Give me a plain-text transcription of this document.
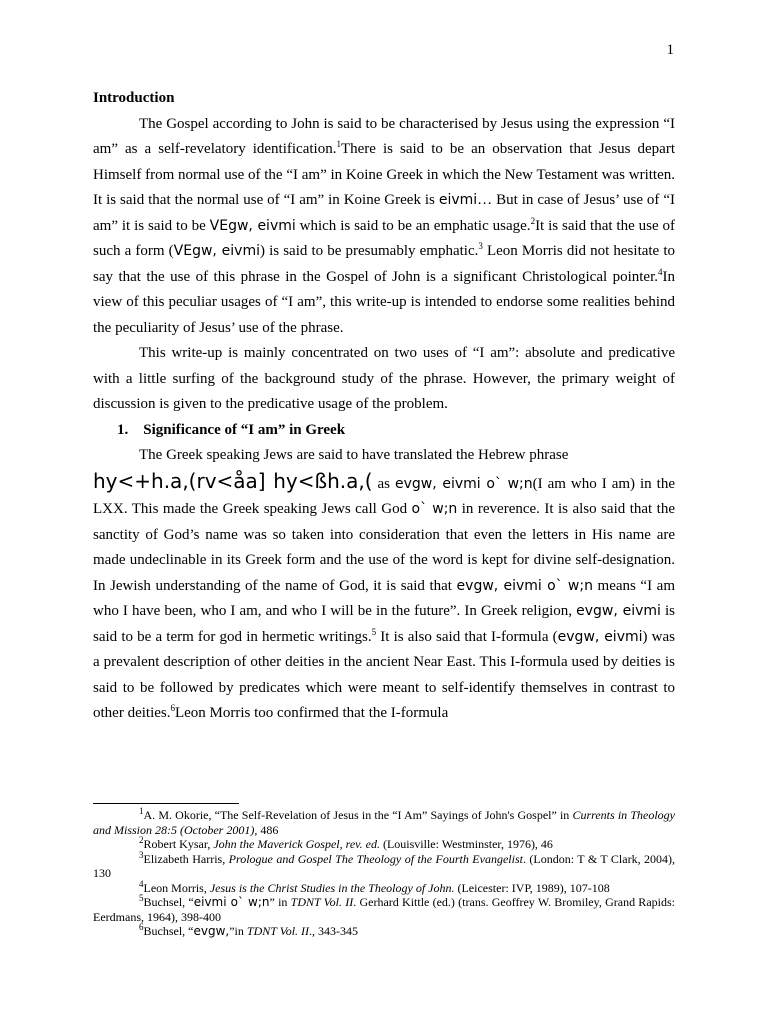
1
Introduction

The Gospel according to John is said to be characterised by Jesus using the expression “I am” as a self-revelatory identification.$^1$There is said to be an observation that Jesus depart Himself from normal use of the “I am” in Koine Greek in which the New Testament was written. It is said that the normal use of “I am” in Koine Greek is eivmi… But in case of Jesus’ use of “I am” it is said to be VEgw, eivmi which is said to be an emphatic usage.$^2$It is said that the use of such a form (VEgw, eivmi) is said to be presumably emphatic.$^3$ Leon Morris did not hesitate to say that the use of this phrase in the Gospel of John is a significant Christological pointer.$^4$In view of this peculiar usages of “I am”, this write-up is intended to endorse some realities behind the peculiarity of Jesus’ use of the phrase.

This write-up is mainly concentrated on two uses of “I am”: absolute and predicative with a little surfing of the background study of the phrase. However, the primary weight of discussion is given to the predicative usage of the problem.

1. Significance of “I am” in Greek

The Greek speaking Jews are said to have translated the Hebrew phrase

hy<+h.a,(rv<åa] hy<ßh.a,( as evgw, eivmi o` w;n(I am who I am) in the LXX. This made the Greek speaking Jews call God o` w;n in reverence. It is also said that the sanctity of God’s name was so taken into consideration that even the letters in His name are made undeclinable in its Greek form and the use of the word is kept for divine self-designation. In Jewish understanding of the name of God, it is said that evgw, eivmi o` w;n means “I am who I have been, who I am, and who I will be in the future”. In Greek religion, evgw, eivmi is said to be a term for god in hermetic writings.$^5$ It is also said that I-formula (evgw, eivmi) was a prevalent description of other deities in the ancient Near East. This I-formula used by deities is said to be followed by predicates which were meant to self-identify themselves in contrast to other deities.$^6$Leon Morris too confirmed that the I-formula

$^1$A. M. Okorie, “The Self-Revelation of Jesus in the “I Am” Sayings of John's Gospel” in Currents in Theology and Mission 28:5 (October 2001), 486

$^2$Robert Kysar, John the Maverick Gospel, rev. ed. (Louisville: Westminster, 1976), 46

$^3$Elizabeth Harris, Prologue and Gospel The Theology of the Fourth Evangelist. (London: T & T Clark, 2004), 130

$^4$Leon Morris, Jesus is the Christ Studies in the Theology of John. (Leicester: IVP, 1989), 107-108

$^5$Buchsel, “eivmi o` w;n” in TDNT Vol. II. Gerhard Kittle (ed.) (trans. Geoffrey W. Bromiley, Grand Rapids: Eerdmans, 1964), 398-400

$^6$Buchsel, “evgw,”in TDNT Vol. II., 343-345
